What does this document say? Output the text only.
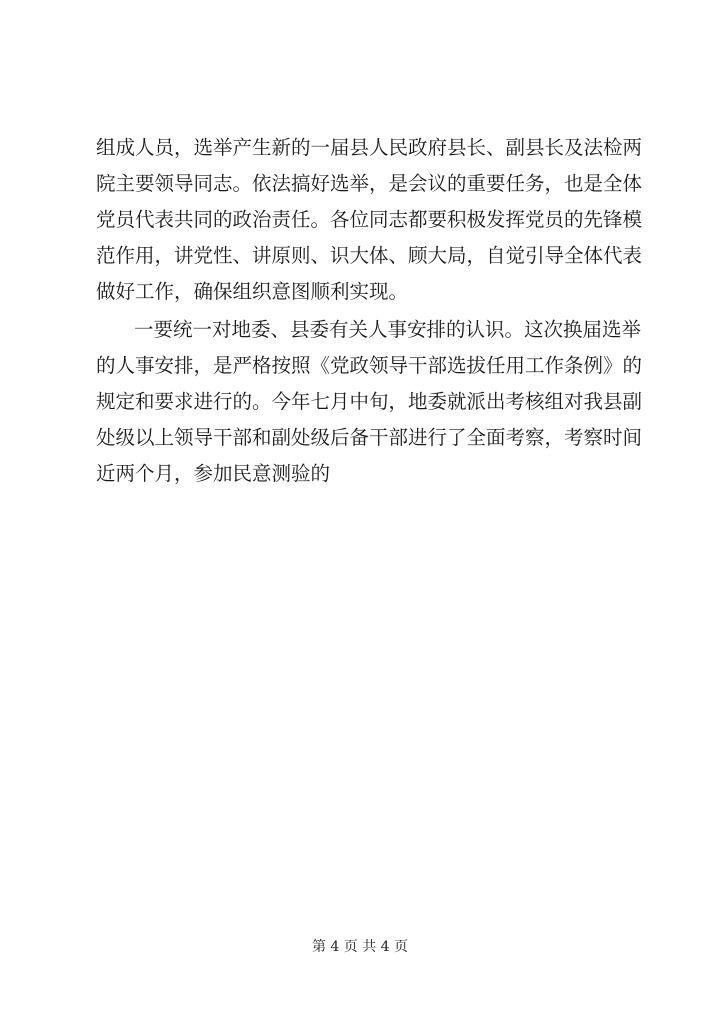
组成人员，选举产生新的一届县人民政府县长、副县长及法检两
院主要领导同志。依法搞好选举，是会议的重要任务，也是全体
党员代表共同的政治责任。各位同志都要积极发挥党员的先锋模
范作用，讲党性、讲原则、识大体、顾大局，自觉引导全体代表
做好工作，确保组织意图顺利实现。
一要统一对地委、县委有关人事安排的认识。这次换届选举
的人事安排，是严格按照《党政领导干部选拔任用工作条例》的
规定和要求进行的。今年七月中旬，地委就派出考核组对我县副
处级以上领导干部和副处级后备干部进行了全面考察，考察时间
近两个月，参加民意测验的
第 4 页 共 4 页
